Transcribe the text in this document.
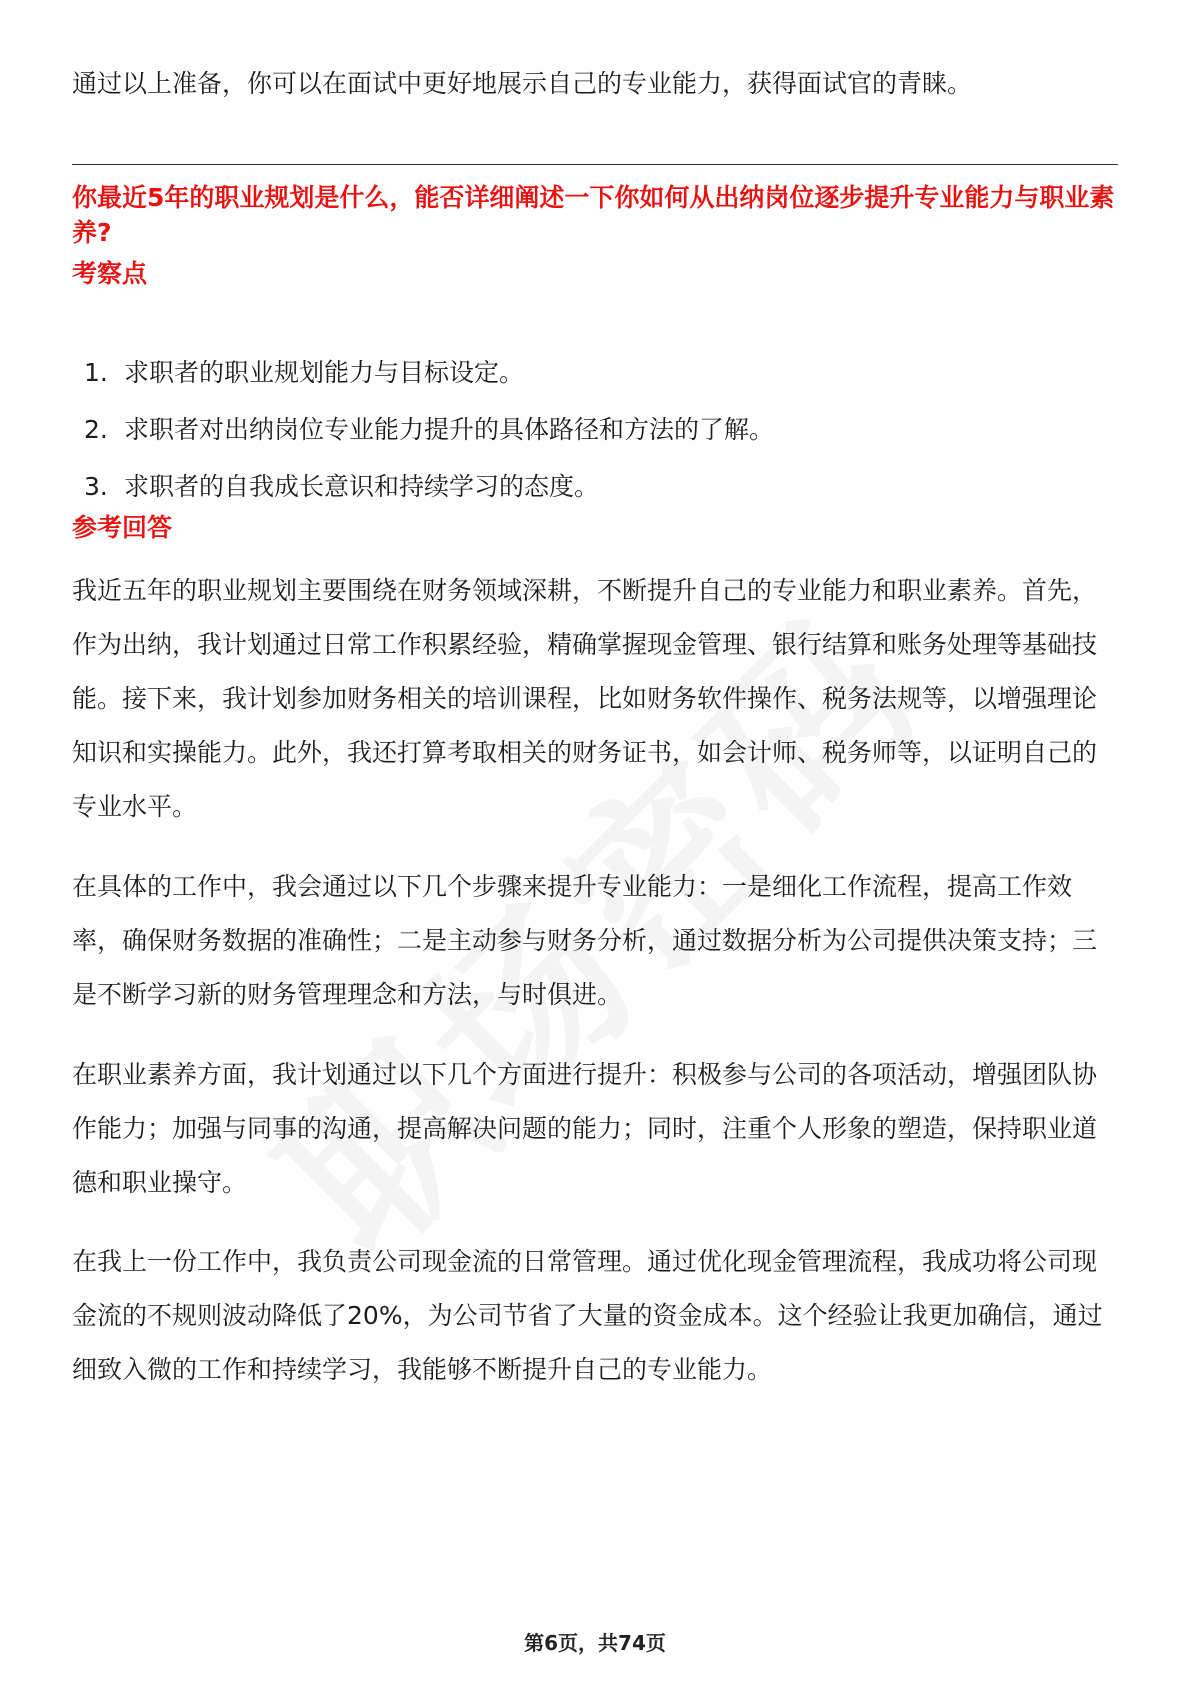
通过以上准备，你可以在面试中更好地展示自己的专业能力，获得面试官的青睐。

你最近5年的职业规划是什么，能否详细阐述一下你如何从出纳岗位逐步提升专业能力与职业素养?
考察点
1. 求职者的职业规划能力与目标设定。
2. 求职者对出纳岗位专业能力提升的具体路径和方法的了解。
3. 求职者的自我成长意识和持续学习的态度。
参考回答

我近五年的职业规划主要围绕在财务领域深耕，不断提升自己的专业能力和职业素养。首先，作为出纳，我计划通过日常工作积累经验，精确掌握现金管理、银行结算和账务处理等基础技能。接下来，我计划参加财务相关的培训课程，比如财务软件操作、税务法规等，以增强理论知识和实操能力。此外，我还打算考取相关的财务证书，如会计师、税务师等，以证明自己的专业水平。

在具体的工作中，我会通过以下几个步骤来提升专业能力：一是细化工作流程，提高工作效率，确保财务数据的准确性；二是主动参与财务分析，通过数据分析为公司提供决策支持；三是不断学习新的财务管理理念和方法，与时俱进。

在职业素养方面，我计划通过以下几个方面进行提升：积极参与公司的各项活动，增强团队协作能力；加强与同事的沟通，提高解决问题的能力；同时，注重个人形象的塑造，保持职业道德和职业操守。

在我上一份工作中，我负责公司现金流的日常管理。通过优化现金管理流程，我成功将公司现金流的不规则波动降低了20%，为公司节省了大量的资金成本。这个经验让我更加确信，通过细致入微的工作和持续学习，我能够不断提升自己的专业能力。

第6页，共74页
